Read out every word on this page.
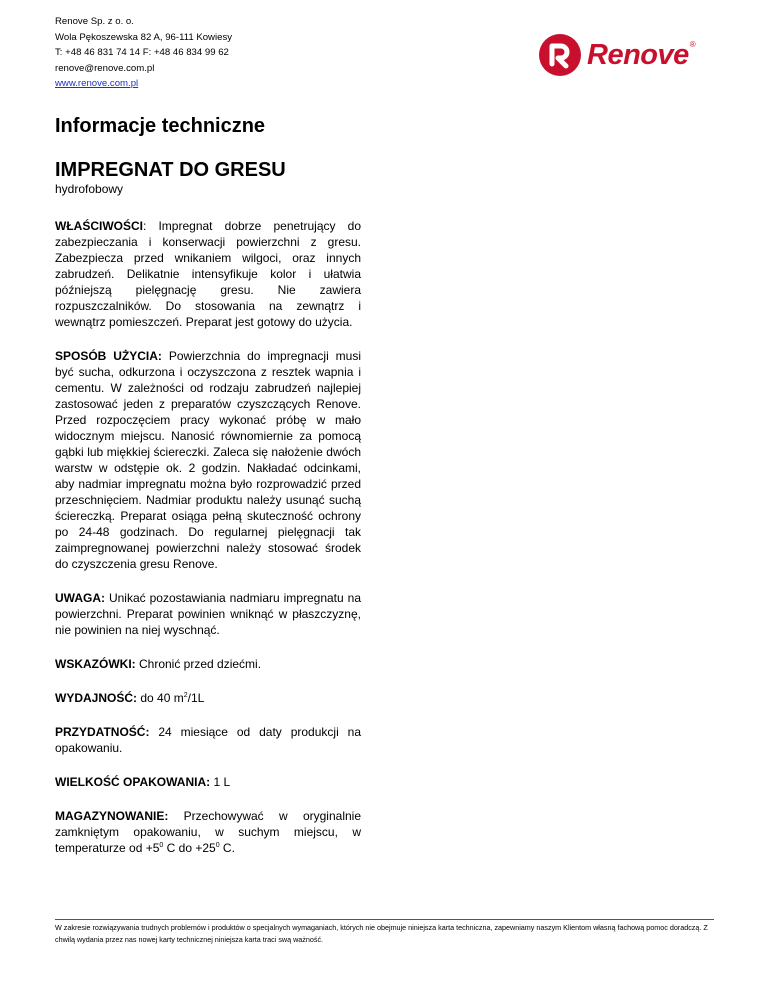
Renove Sp. z o. o.
Wola Pękoszewska 82 A, 96-111 Kowiesy
T: +48 46 831 74 14 F: +48 46 834 99 62
renove@renove.com.pl
www.renove.com.pl
Renove ®
Informacje techniczne
IMPREGNAT DO GRESU
hydrofobowy

WŁAŚCIWOŚCI: Impregnat dobrze penetrujący do zabezpieczania i konserwacji powierzchni z gresu. Zabezpiecza przed wnikaniem wilgoci, oraz innych zabrudzeń. Delikatnie intensyfikuje kolor i ułatwia późniejszą pielęgnację gresu. Nie zawiera rozpuszczalników. Do stosowania na zewnątrz i wewnątrz pomieszczeń. Preparat jest gotowy do użycia.

SPOSÓB UŻYCIA: Powierzchnia do impregnacji musi być sucha, odkurzona i oczyszczona z resztek wapnia i cementu. W zależności od rodzaju zabrudzeń najlepiej zastosować jeden z preparatów czyszczących Renove. Przed rozpoczęciem pracy wykonać próbę w mało widocznym miejscu. Nanosić równomiernie za pomocą gąbki lub miękkiej ściereczki. Zaleca się nałożenie dwóch warstw w odstępie ok. 2 godzin. Nakładać odcinkami, aby nadmiar impregnatu można było rozprowadzić przed przeschnięciem. Nadmiar produktu należy usunąć suchą ściereczką. Preparat osiąga pełną skuteczność ochrony po 24-48 godzinach. Do regularnej pielęgnacji tak zaimpregnowanej powierzchni należy stosować środek do czyszczenia gresu Renove.

UWAGA: Unikać pozostawiania nadmiaru impregnatu na powierzchni. Preparat powinien wniknąć w płaszczyznę, nie powinien na niej wyschnąć.

WSKAZÓWKI: Chronić przed dziećmi.

WYDAJNOŚĆ: do 40 $m^2/1L$

PRZYDATNOŚĆ: 24 miesiące od daty produkcji na opakowaniu.

WIELKOŚĆ OPAKOWANIA: 1 L

MAGAZYNOWANIE: Przechowywać w oryginalnie zamkniętym opakowaniu, w suchym miejscu, w temperaturze od $+5^0$ C do $+25^0$ C.

W zakresie rozwiązywania trudnych problemów i produktów o specjalnych wymaganiach, których nie obejmuje niniejsza karta techniczna, zapewniamy naszym Klientom własną fachową pomoc doradczą. Z chwilą wydania przez nas nowej karty technicznej niniejsza karta traci swą ważność.
